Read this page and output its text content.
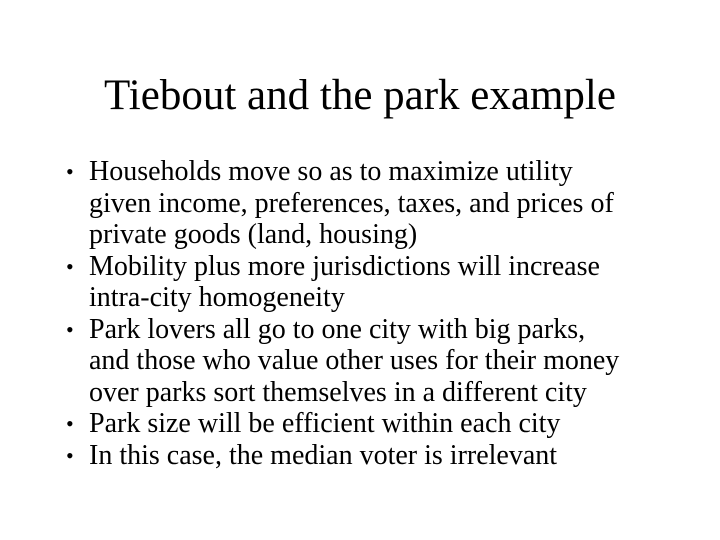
Tiebout and the park example
• Households move so as to maximize utility
given income, preferences, taxes, and prices of
private goods (land, housing)
• Mobility plus more jurisdictions will increase
intra-city homogeneity
• Park lovers all go to one city with big parks,
and those who value other uses for their money
over parks sort themselves in a different city
• Park size will be efficient within each city
• In this case, the median voter is irrelevant
